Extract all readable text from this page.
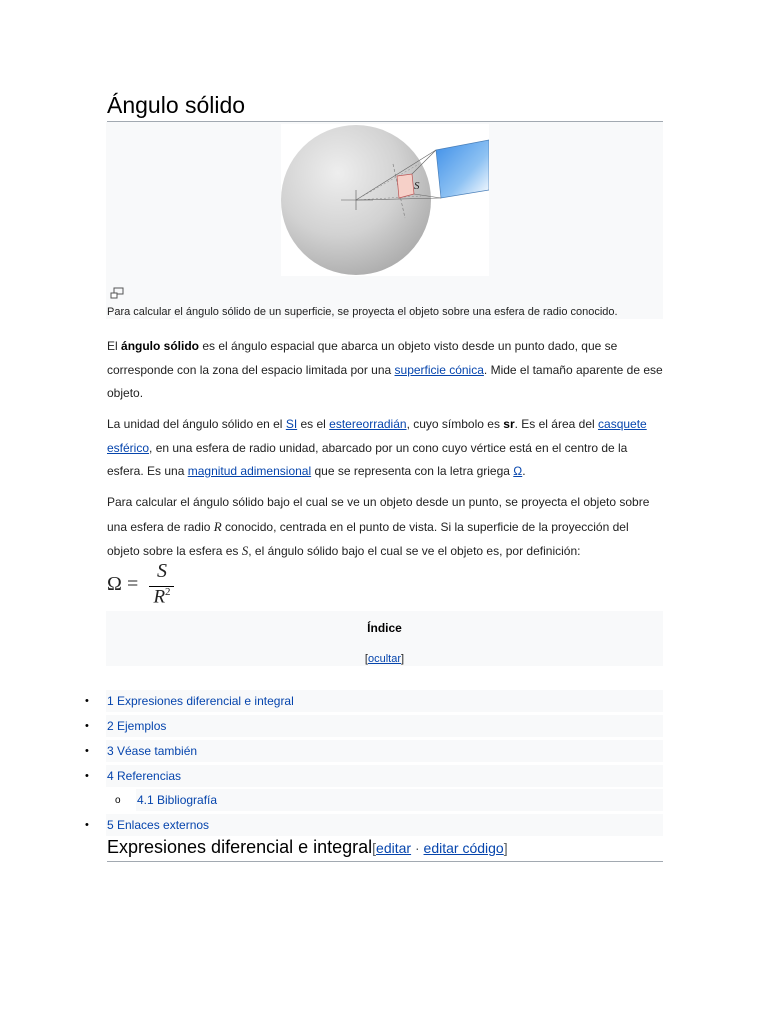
Ángulo sólido
S
Para calcular el ángulo sólido de un superficie, se proyecta el objeto sobre una esfera de radio conocido.

El ángulo sólido es el ángulo espacial que abarca un objeto visto desde un punto dado, que se corresponde con la zona del espacio limitada por una superficie cónica. Mide el tamaño aparente de ese objeto.

La unidad del ángulo sólido en el SI es el estereorradián, cuyo símbolo es sr. Es el área del casquete esférico, en una esfera de radio unidad, abarcado por un cono cuyo vértice está en el centro de la esfera. Es una magnitud adimensional que se representa con la letra griega Ω.

Para calcular el ángulo sólido bajo el cual se ve un objeto desde un punto, se proyecta el objeto sobre una esfera de radio R conocido, centrada en el punto de vista. Si la superficie de la proyección del objeto sobre la esfera es S, el ángulo sólido bajo el cual se ve el objeto es, por definición:

Ω =
S
$R^2$
Índice
[ocultar]
1 Expresiones diferencial e integral
•
2 Ejemplos
•
3 Véase también
•
4 Referencias
•
4.1 Bibliografía
o
5 Enlaces externos
•
Expresiones diferencial e integral[editar · editar código]
